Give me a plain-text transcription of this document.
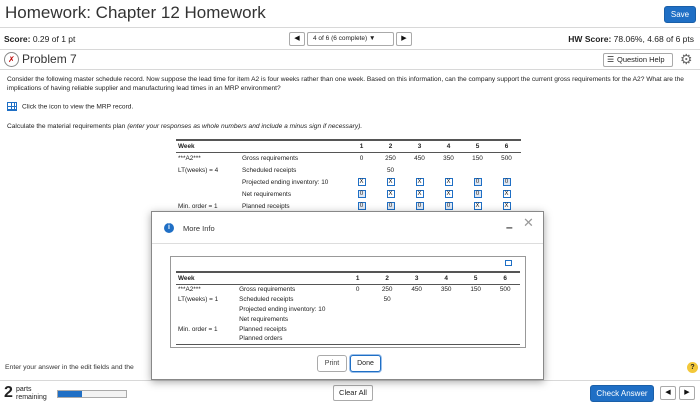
Homework: Chapter 12 Homework	Save
Score: 0.29 of 1 pt	◀	4 of 6 (6 complete) ▼	▶	HW Score: 78.06%, 4.68 of 6 pts
✗ Problem 7	☰ Question Help	⚙
Consider the following master schedule record. Now suppose the lead time for item A2 is four weeks rather than one week. Based on this information, can the company support the current gross requirements for the A2? What are the implications of having reliable supplier and manufacturing lead times in an MRP environment?
Click the icon to view the MRP record.
Calculate the material requirements plan (enter your responses as whole numbers and include a minus sign if necessary).
Week		1	2	3	4	5	6
***A2***	Gross requirements	0	250	450	350	150	500
LT(weeks) = 4	Scheduled receipts		50				
	Projected ending inventory: 10	X	X	X	X	0	0
	Net requirements	0	X	X	X	0	X
Min. order = 1	Planned receipts	0	0	0	0	X	X
Enter your answer in the edit fields and the	?
2 parts
remaining
Clear All	Check Answer	◀	▶
i	More Info	– ✕
Week		1	2	3	4	5	6
***A2***	Gross requirements	0	250	450	350	150	500
LT(weeks) = 1	Scheduled receipts		50				
	Projected ending inventory: 10						
	Net requirements						
Min. order = 1	Planned receipts						
	Planned orders						
Print	Done
